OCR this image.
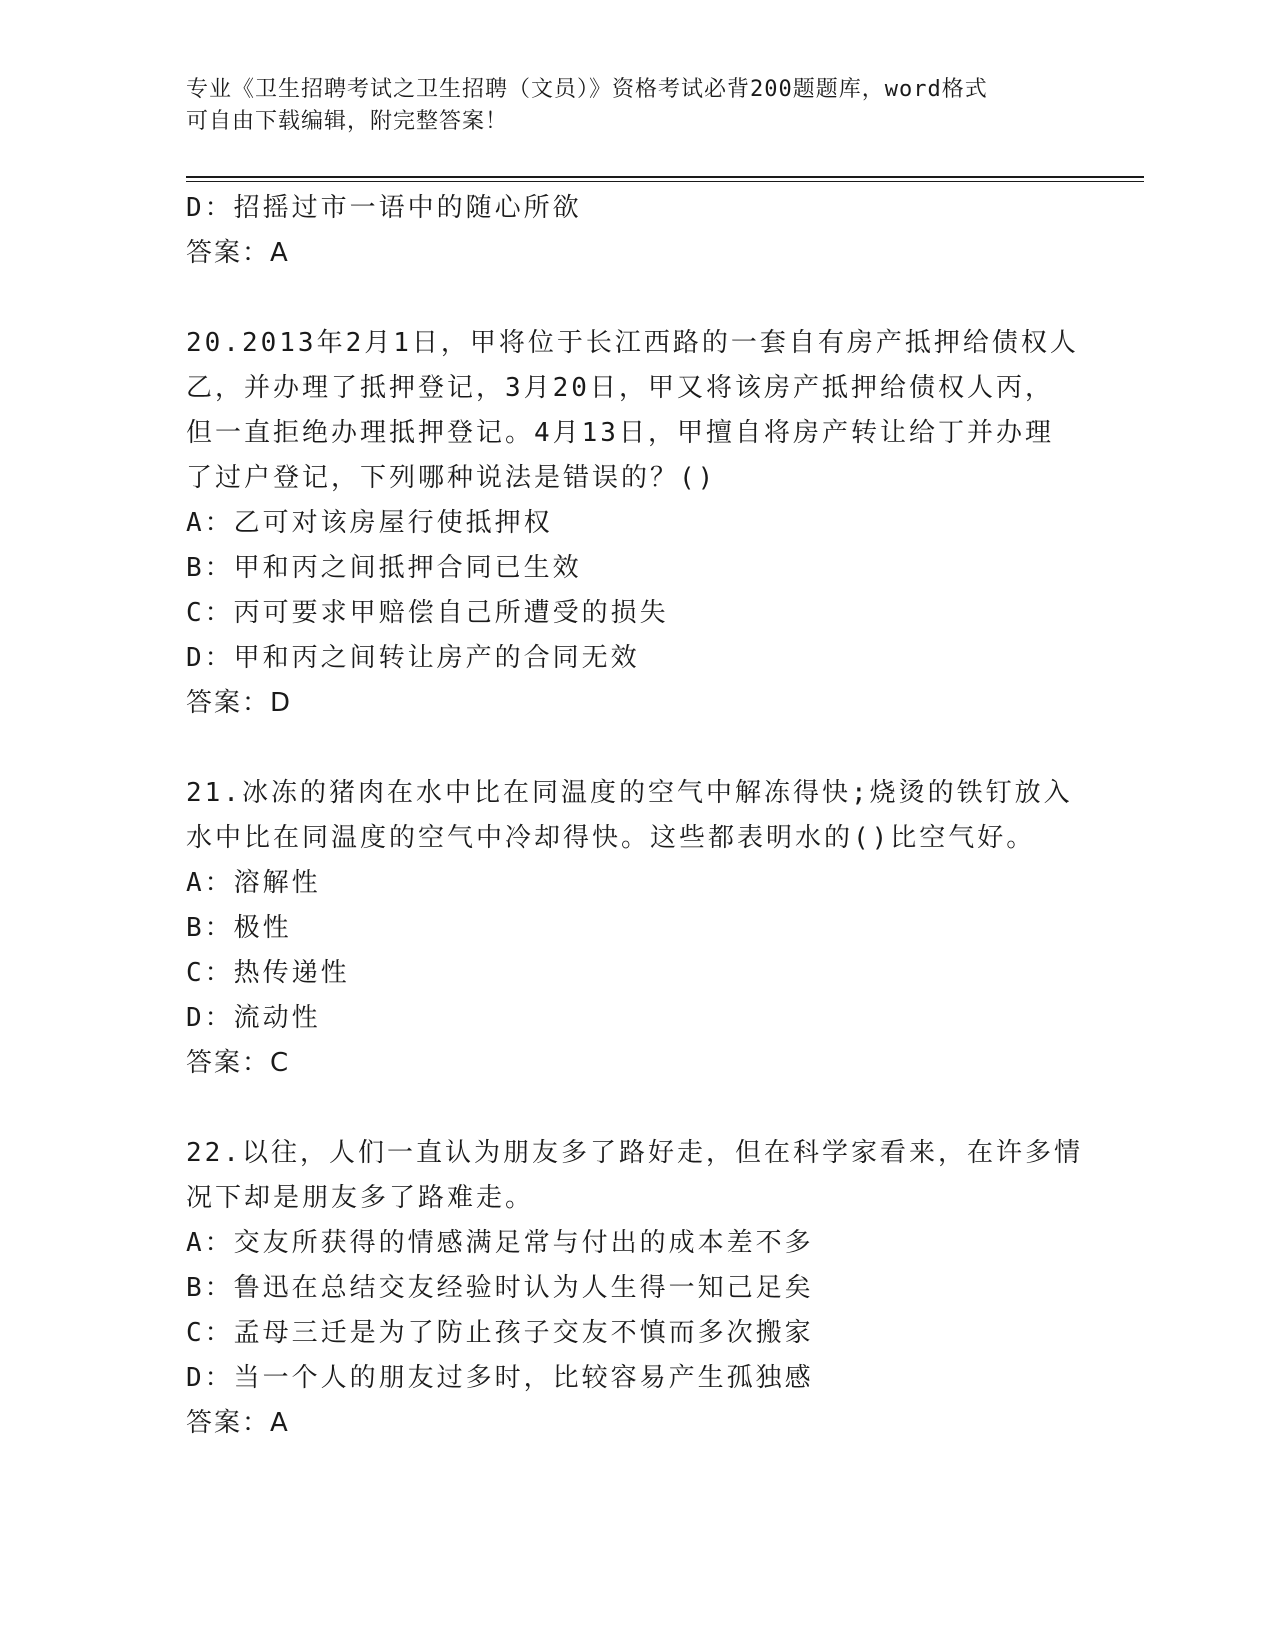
专业《卫生招聘考试之卫生招聘（文员）》资格考试必背200题题库，word格式
可自由下载编辑，附完整答案！
D：招摇过市一语中的随心所欲
答案：A
20.2013年2月1日，甲将位于长江西路的一套自有房产抵押给债权人
乙，并办理了抵押登记，3月20日，甲又将该房产抵押给债权人丙，
但一直拒绝办理抵押登记。4月13日，甲擅自将房产转让给丁并办理
了过户登记，下列哪种说法是错误的？()
A：乙可对该房屋行使抵押权
B：甲和丙之间抵押合同已生效
C：丙可要求甲赔偿自己所遭受的损失
D：甲和丙之间转让房产的合同无效
答案：D
21.冰冻的猪肉在水中比在同温度的空气中解冻得快;烧烫的铁钉放入
水中比在同温度的空气中冷却得快。这些都表明水的()比空气好。
A：溶解性
B：极性
C：热传递性
D：流动性
答案：C
22.以往，人们一直认为朋友多了路好走，但在科学家看来，在许多情
况下却是朋友多了路难走。
A：交友所获得的情感满足常与付出的成本差不多
B：鲁迅在总结交友经验时认为人生得一知己足矣
C：孟母三迁是为了防止孩子交友不慎而多次搬家
D：当一个人的朋友过多时，比较容易产生孤独感
答案：A
